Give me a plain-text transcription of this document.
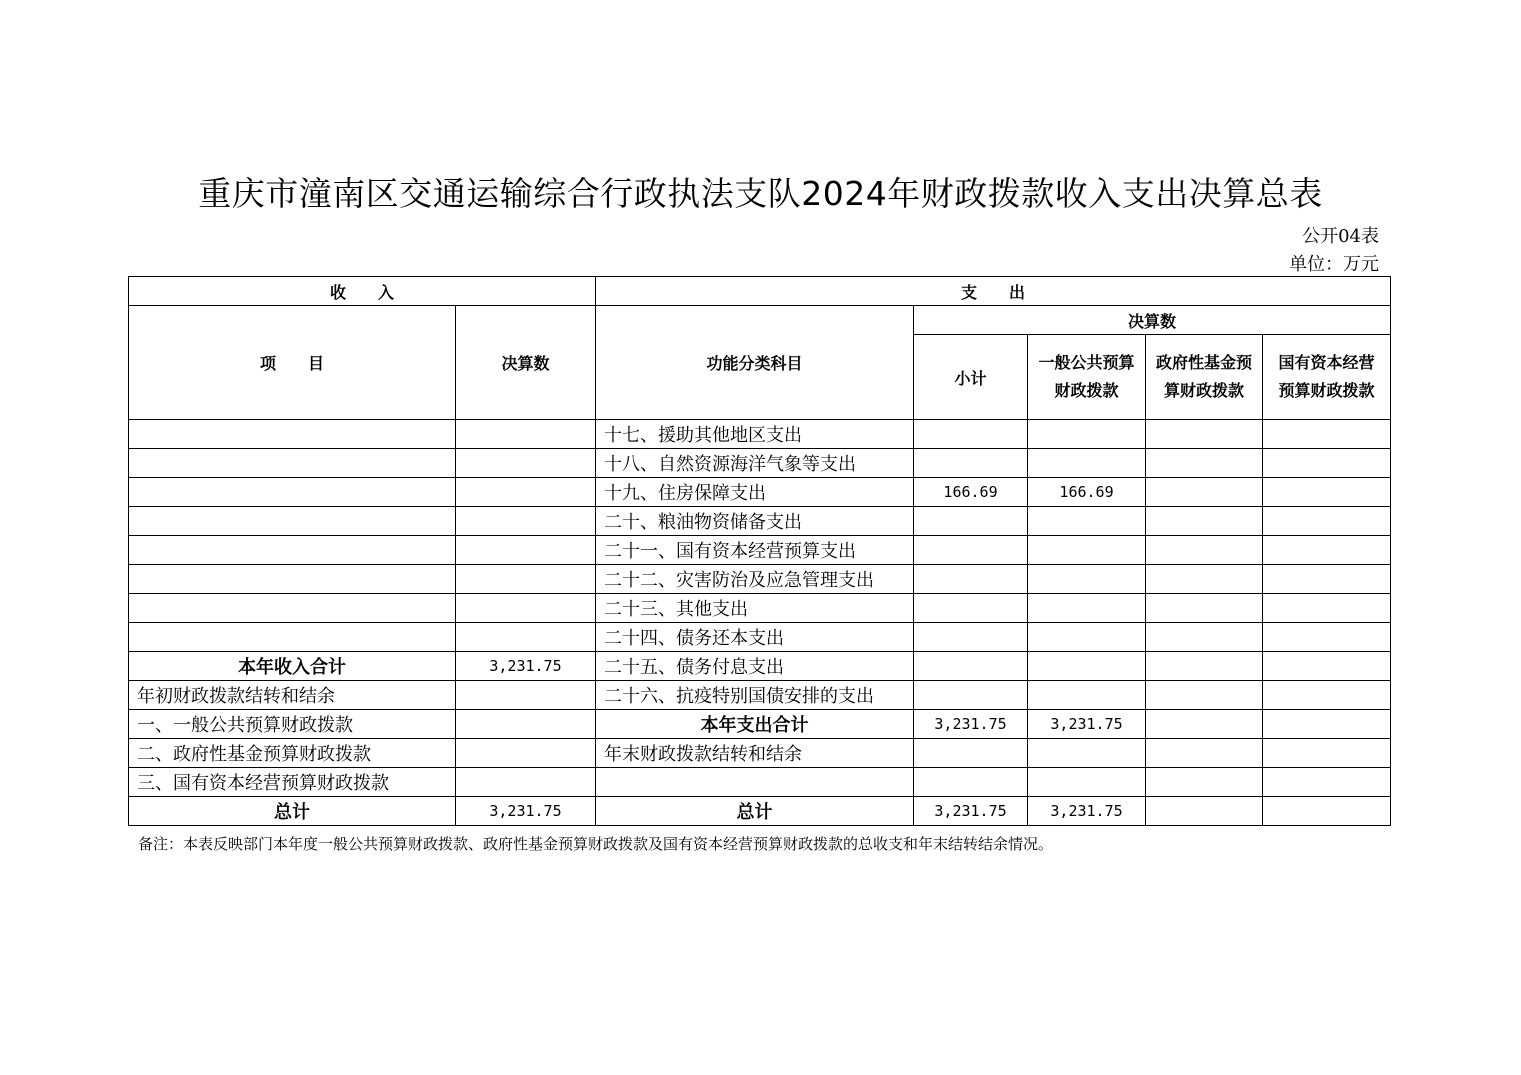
重庆市潼南区交通运输综合行政执法支队2024年财政拨款收入支出决算总表
公开04表
单位：万元
收　　入		支　　出				
项　　目	决算数	功能分类科目	决算数			
			小计	一般公共预算财政拨款	政府性基金预算财政拨款	国有资本经营预算财政拨款
		十七、援助其他地区支出				
		十八、自然资源海洋气象等支出				
		十九、住房保障支出	166.69	166.69		
		二十、粮油物资储备支出				
		二十一、国有资本经营预算支出				
		二十二、灾害防治及应急管理支出				
		二十三、其他支出				
		二十四、债务还本支出				
本年收入合计	3,231.75	二十五、债务付息支出				
年初财政拨款结转和结余		二十六、抗疫特别国债安排的支出				
一、一般公共预算财政拨款		本年支出合计	3,231.75	3,231.75		
二、政府性基金预算财政拨款		年末财政拨款结转和结余				
三、国有资本经营预算财政拨款						
总计	3,231.75	总计	3,231.75	3,231.75		
备注：本表反映部门本年度一般公共预算财政拨款、政府性基金预算财政拨款及国有资本经营预算财政拨款的总收支和年末结转结余情况。
